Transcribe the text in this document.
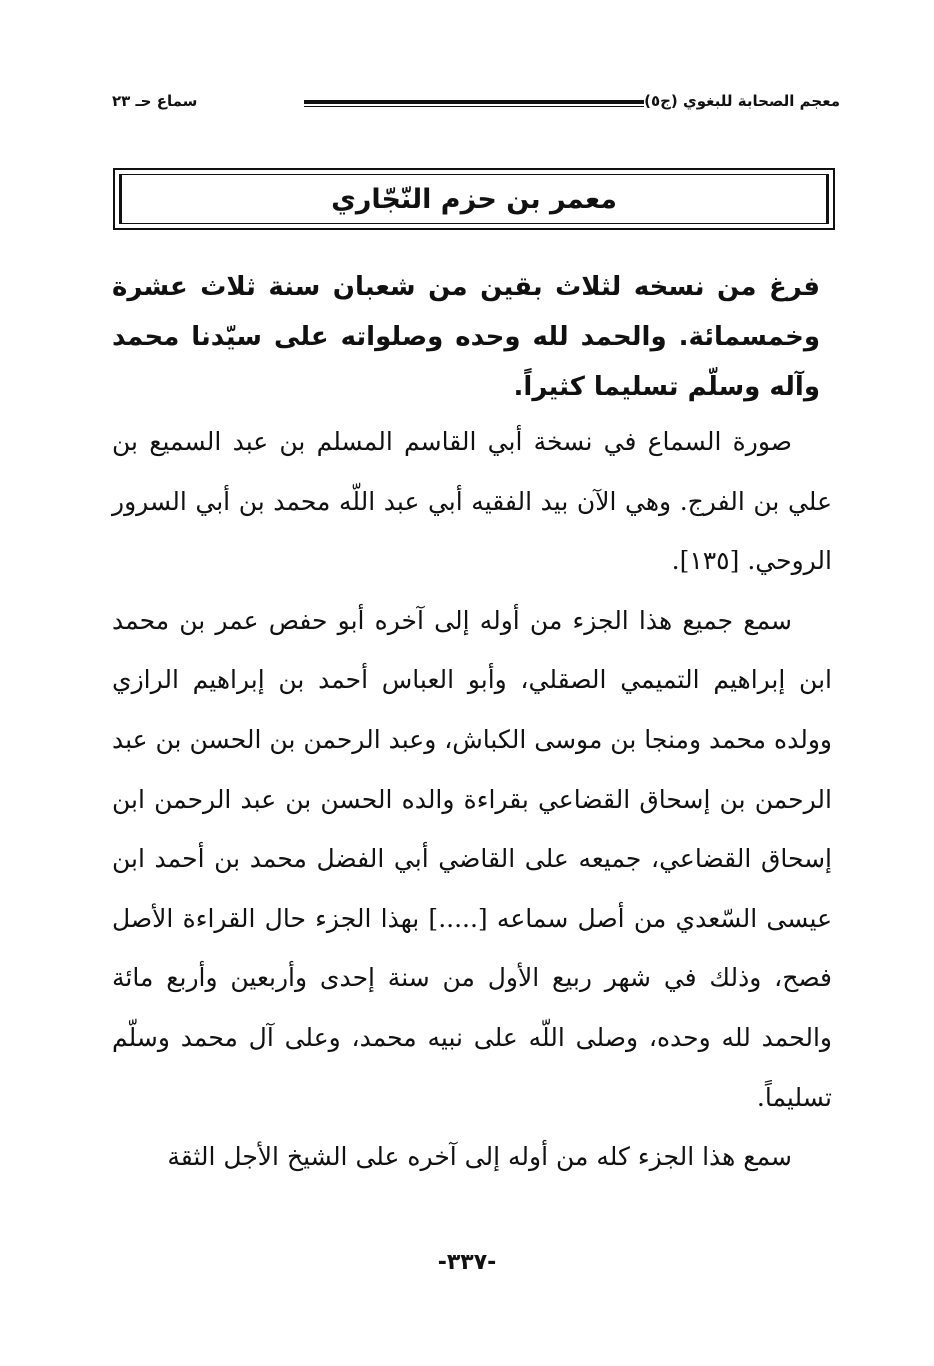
معجم الصحابة للبغوي (ج٥)
سماع حـ ٢٣
معمر بن حزم النّجّاري
فرغ من نسخه لثلاث بقين من شعبان سنة ثلاث عشرة وخمسمائة. والحمد لله وحده وصلواته على سيّدنا محمد وآله وسلّم تسليما كثيراً.

صورة السماع في نسخة أبي القاسم المسلم بن عبد السميع بن علي بن الفرج. وهي الآن بيد الفقيه أبي عبد اللّه محمد بن أبي السرور الروحي. [١٣٥].

سمع جميع هذا الجزء من أوله إلى آخره أبو حفص عمر بن محمد ابن إبراهيم التميمي الصقلي، وأبو العباس أحمد بن إبراهيم الرازي وولده محمد ومنجا بن موسى الكباش، وعبد الرحمن بن الحسن بن عبد الرحمن بن إسحاق القضاعي بقراءة والده الحسن بن عبد الرحمن ابن إسحاق القضاعي، جميعه على القاضي أبي الفضل محمد بن أحمد ابن عيسى السّعدي من أصل سماعه [.....] بهذا الجزء حال القراءة الأصل فصح، وذلك في شهر ربيع الأول من سنة إحدى وأربعين وأربع مائة والحمد لله وحده، وصلى اللّه على نبيه محمد، وعلى آل محمد وسلّم تسليماً.

سمع هذا الجزء كله من أوله إلى آخره على الشيخ الأجل الثقة

-٣٣٧-
